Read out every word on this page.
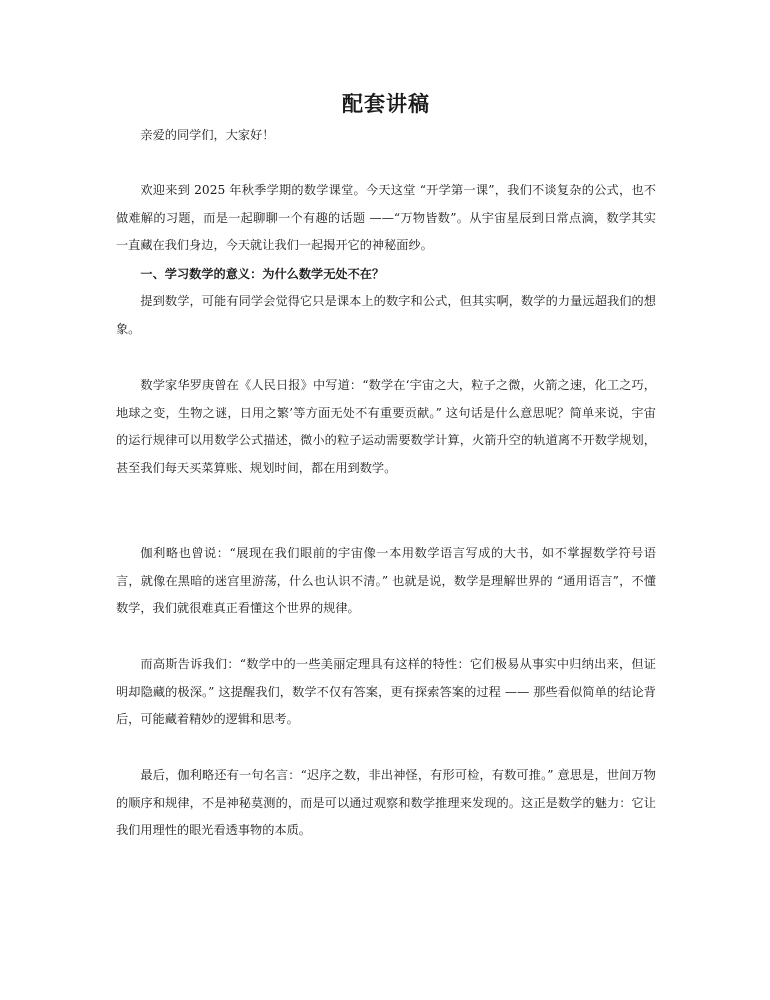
配套讲稿

亲爱的同学们，大家好！

欢迎来到 2025 年秋季学期的数学课堂。今天这堂 “开学第一课”，我们不谈复杂的公式，也不做难解的习题，而是一起聊聊一个有趣的话题 ——“万物皆数”。从宇宙星辰到日常点滴，数学其实一直藏在我们身边，今天就让我们一起揭开它的神秘面纱。

一、学习数学的意义：为什么数学无处不在？

提到数学，可能有同学会觉得它只是课本上的数字和公式，但其实啊，数学的力量远超我们的想象。

数学家华罗庚曾在《人民日报》中写道：“数学在‘宇宙之大，粒子之微，火箭之速，化工之巧，地球之变，生物之谜，日用之繁’等方面无处不有重要贡献。” 这句话是什么意思呢？简单来说，宇宙的运行规律可以用数学公式描述，微小的粒子运动需要数学计算，火箭升空的轨道离不开数学规划，甚至我们每天买菜算账、规划时间，都在用到数学。

伽利略也曾说：“展现在我们眼前的宇宙像一本用数学语言写成的大书，如不掌握数学符号语言，就像在黑暗的迷宫里游荡，什么也认识不清。” 也就是说，数学是理解世界的 “通用语言”，不懂数学，我们就很难真正看懂这个世界的规律。

而高斯告诉我们：“数学中的一些美丽定理具有这样的特性：它们极易从事实中归纳出来，但证明却隐藏的极深。” 这提醒我们，数学不仅有答案，更有探索答案的过程 —— 那些看似简单的结论背后，可能藏着精妙的逻辑和思考。

最后，伽利略还有一句名言：“迟序之数，非出神怪，有形可检，有数可推。” 意思是，世间万物的顺序和规律，不是神秘莫测的，而是可以通过观察和数学推理来发现的。这正是数学的魅力：它让我们用理性的眼光看透事物的本质。
